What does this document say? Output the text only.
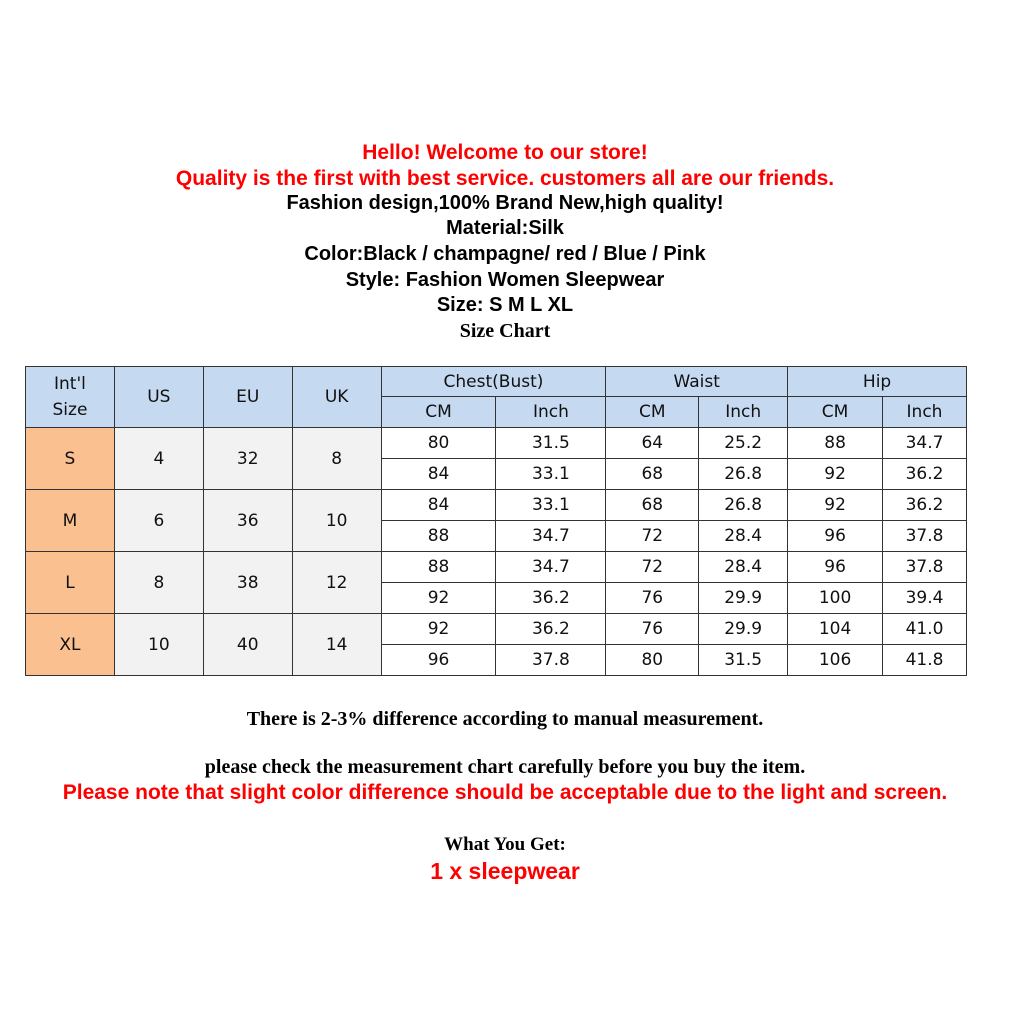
Hello! Welcome to our store!
Quality is the first with best service. customers all are our friends.
Fashion design,100% Brand New,high quality!
Material:Silk
Color:Black / champagne/ red / Blue / Pink
Style: Fashion Women Sleepwear
Size: S M L XL
Size Chart
Int'l
Size	US	EU	UK	Chest(Bust)		Waist		Hip	
				CM	Inch	CM	Inch	CM	Inch
S	4	32	8	80	31.5	64	25.2	88	34.7
				84	33.1	68	26.8	92	36.2
M	6	36	10	84	33.1	68	26.8	92	36.2
				88	34.7	72	28.4	96	37.8
L	8	38	12	88	34.7	72	28.4	96	37.8
				92	36.2	76	29.9	100	39.4
XL	10	40	14	92	36.2	76	29.9	104	41.0
				96	37.8	80	31.5	106	41.8
There is 2-3% difference according to manual measurement.
please check the measurement chart carefully before you buy the item.
Please note that slight color difference should be acceptable due to the light and screen.
What You Get:
1 x sleepwear
